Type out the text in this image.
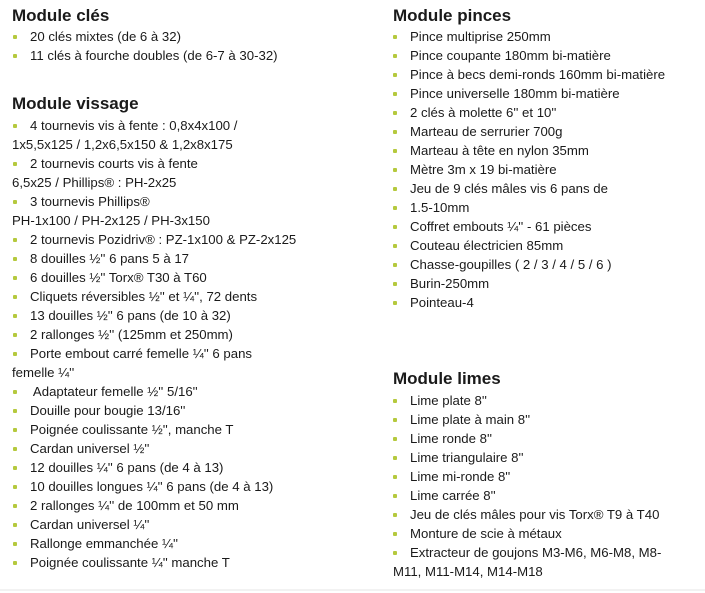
Module clés
20 clés mixtes (de 6 à 32)
11 clés à fourche doubles (de 6-7 à 30-32)
Module vissage
4 tournevis vis à fente : 0,8x4x100 /
1x5,5x125 / 1,2x6,5x150 & 1,2x8x175
2 tournevis courts vis à fente
6,5x25 / Phillips® : PH-2x25
3 tournevis Phillips®
PH-1x100 / PH-2x125 / PH-3x150
2 tournevis Pozidriv® : PZ-1x100 & PZ-2x125
8 douilles ½'' 6 pans 5 à 17
6 douilles ½'' Torx® T30 à T60
Cliquets réversibles ½'' et ¼'', 72 dents
13 douilles ½'' 6 pans (de 10 à 32)
2 rallonges ½'' (125mm et 250mm)
Porte embout carré femelle ¼'' 6 pans
femelle ¼''
Adaptateur femelle ½'' 5/16''
Douille pour bougie 13/16''
Poignée coulissante ½'', manche T
Cardan universel ½''
12 douilles ¼'' 6 pans (de 4 à 13)
10 douilles longues ¼'' 6 pans (de 4 à 13)
2 rallonges ¼'' de 100mm et 50 mm
Cardan universel ¼''
Rallonge emmanchée ¼''
Poignée coulissante ¼'' manche T
Module pinces
Pince multiprise 250mm
Pince coupante 180mm bi-matière
Pince à becs demi-ronds 160mm bi-matière
Pince universelle 180mm bi-matière
2 clés à molette 6'' et 10''
Marteau de serrurier 700g
Marteau à tête en nylon 35mm
Mètre 3m x 19 bi-matière
Jeu de 9 clés mâles vis 6 pans de
1.5-10mm
Coffret embouts ¼'' - 61 pièces
Couteau électricien 85mm
Chasse-goupilles ( 2 / 3 / 4 / 5 / 6 )
Burin-250mm
Pointeau-4
Module limes
Lime plate 8''
Lime plate à main 8''
Lime ronde 8''
Lime triangulaire 8''
Lime mi-ronde 8''
Lime carrée 8''
Jeu de clés mâles pour vis Torx® T9 à T40
Monture de scie à métaux
Extracteur de goujons M3-M6, M6-M8, M8-
M11, M11-M14, M14-M18
